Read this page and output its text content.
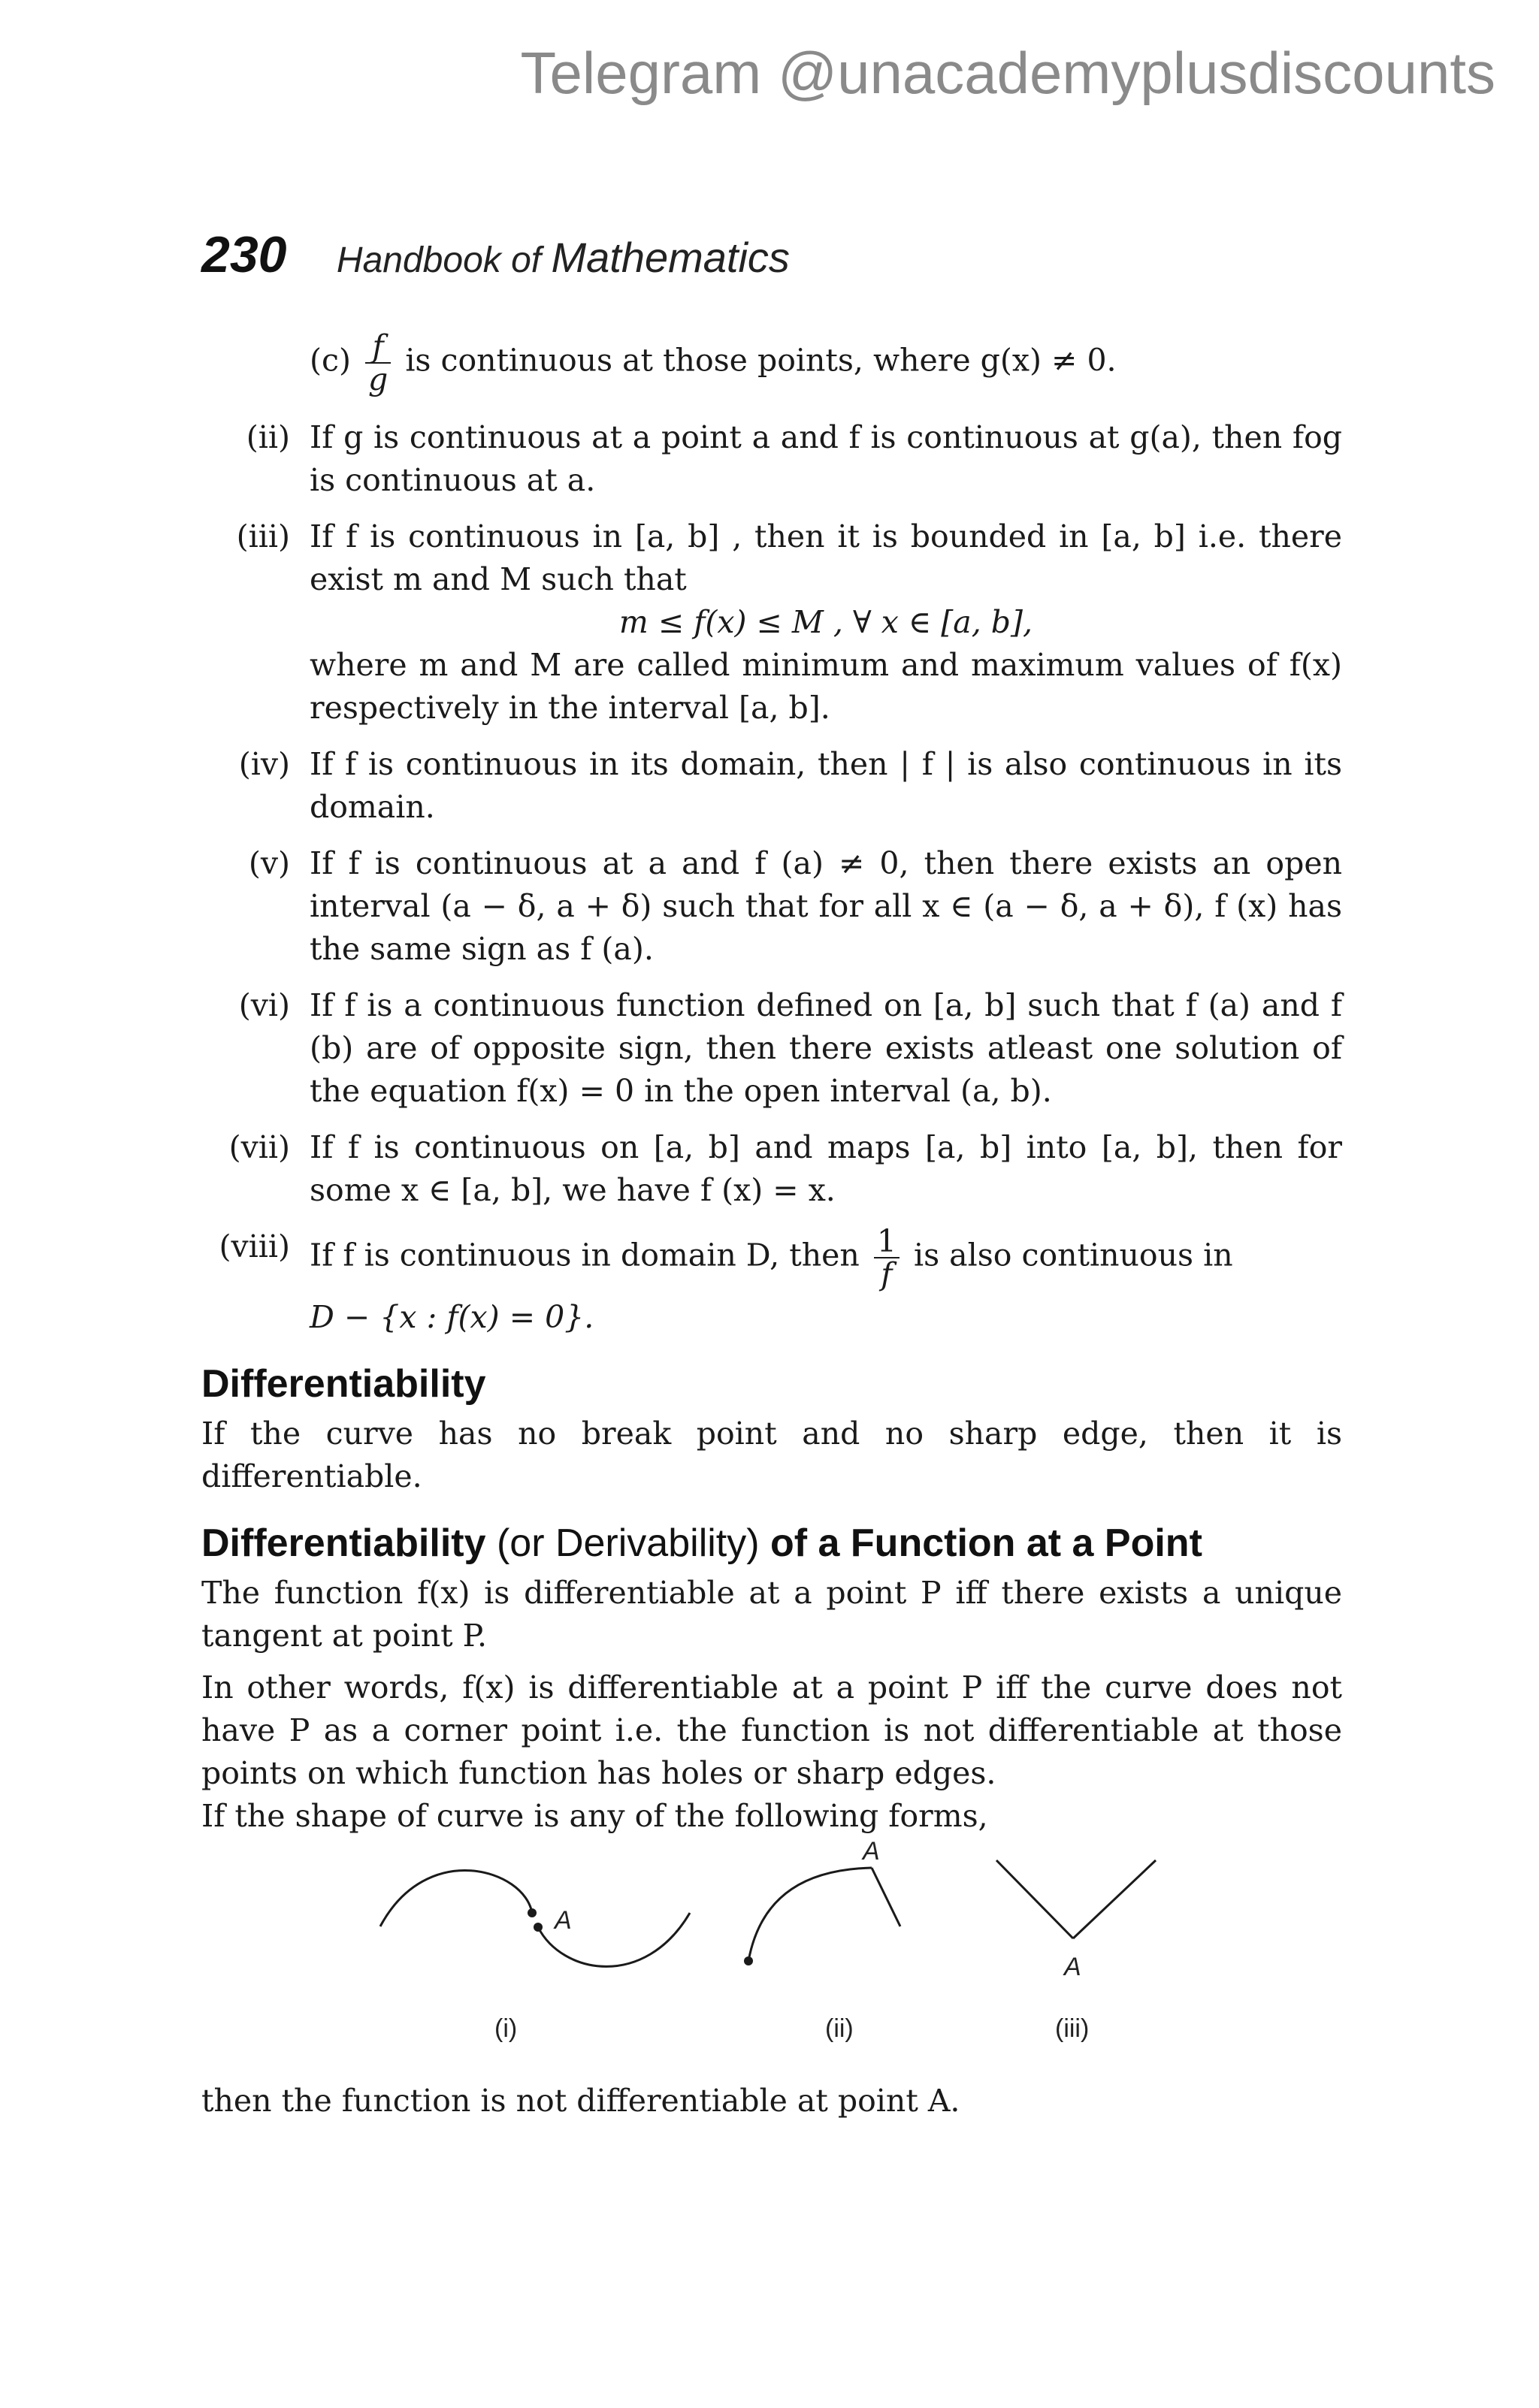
Telegram @unacademyplusdiscounts
230 Handbook of Mathematics
$(c) \frac{f}{g}$ is continuous at those points, where g(x) ≠ 0.
(ii) If g is continuous at a point a and f is continuous at g(a), then fog is continuous at a.
(iii) If f is continuous in [a, b] , then it is bounded in [a, b] i.e. there exist m and M such that
m ≤ f(x) ≤ M , ∀ x ∈ [a, b],
where m and M are called minimum and maximum values of f(x) respectively in the interval [a, b].
(iv) If f is continuous in its domain, then | f | is also continuous in its domain.
(v) If f is continuous at a and f (a) ≠ 0, then there exists an open interval (a − δ, a + δ) such that for all x ∈ (a − δ, a + δ), f (x) has the same sign as f (a).
(vi) If f is a continuous function defined on [a, b] such that f (a) and f (b) are of opposite sign, then there exists atleast one solution of the equation f(x) = 0 in the open interval (a, b).
(vii) If f is continuous on [a, b] and maps [a, b] into [a, b], then for some x ∈ [a, b], we have f (x) = x.
(viii) If f is continuous in domain D, then $\frac{1}{f}$ is also continuous in
D − {x : f(x) = 0}.
Differentiability
If the curve has no break point and no sharp edge, then it is differentiable.
Differentiability (or Derivability) of a Function at a Point
The function f(x) is differentiable at a point P iff there exists a unique tangent at point P.
In other words, f(x) is differentiable at a point P iff the curve does not have P as a corner point i.e. the function is not differentiable at those points on which function has holes or sharp edges.
If the shape of curve is any of the following forms,
A
A
A
(i)	(ii)	(iii)
then the function is not differentiable at point A.
